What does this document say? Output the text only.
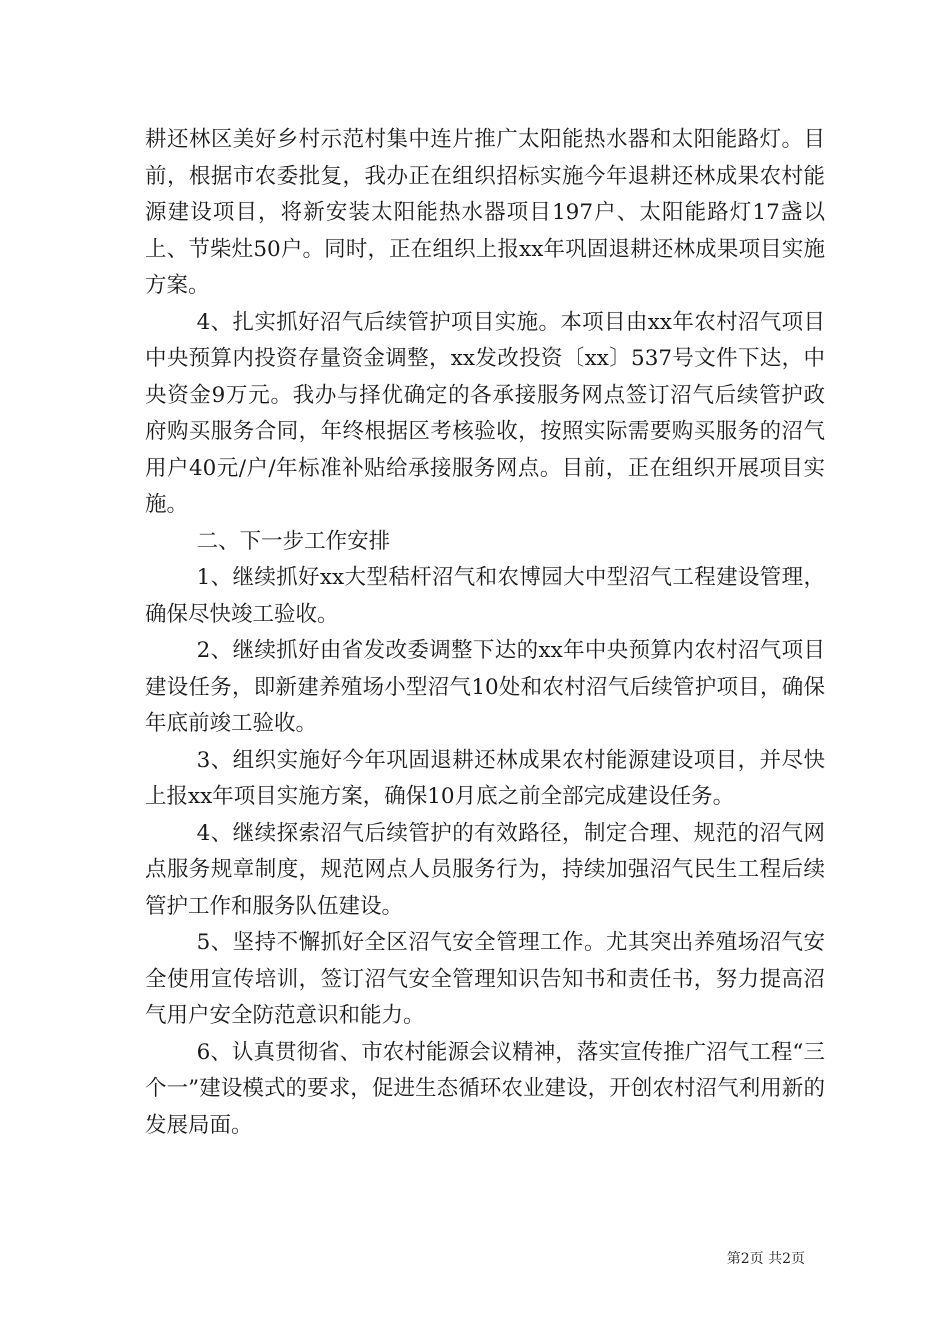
耕还林区美好乡村示范村集中连片推广太阳能热水器和太阳能路灯。目前，根据市农委批复，我办正在组织招标实施今年退耕还林成果农村能源建设项目，将新安装太阳能热水器项目197户、太阳能路灯17盏以上、节柴灶50户。同时，正在组织上报xx年巩固退耕还林成果项目实施方案。

4、扎实抓好沼气后续管护项目实施。本项目由xx年农村沼气项目中央预算内投资存量资金调整，xx发改投资〔xx〕537号文件下达，中央资金9万元。我办与择优确定的各承接服务网点签订沼气后续管护政府购买服务合同，年终根据区考核验收，按照实际需要购买服务的沼气用户40元/户/年标准补贴给承接服务网点。目前，正在组织开展项目实施。

二、下一步工作安排

1、继续抓好xx大型秸杆沼气和农博园大中型沼气工程建设管理，确保尽快竣工验收。

2、继续抓好由省发改委调整下达的xx年中央预算内农村沼气项目建设任务，即新建养殖场小型沼气10处和农村沼气后续管护项目，确保年底前竣工验收。

3、组织实施好今年巩固退耕还林成果农村能源建设项目，并尽快上报xx年项目实施方案，确保10月底之前全部完成建设任务。

4、继续探索沼气后续管护的有效路径，制定合理、规范的沼气网点服务规章制度，规范网点人员服务行为，持续加强沼气民生工程后续管护工作和服务队伍建设。

5、坚持不懈抓好全区沼气安全管理工作。尤其突出养殖场沼气安全使用宣传培训，签订沼气安全管理知识告知书和责任书，努力提高沼气用户安全防范意识和能力。

6、认真贯彻省、市农村能源会议精神，落实宣传推广沼气工程“三个一”建设模式的要求，促进生态循环农业建设，开创农村沼气利用新的发展局面。

第2页 共2页
